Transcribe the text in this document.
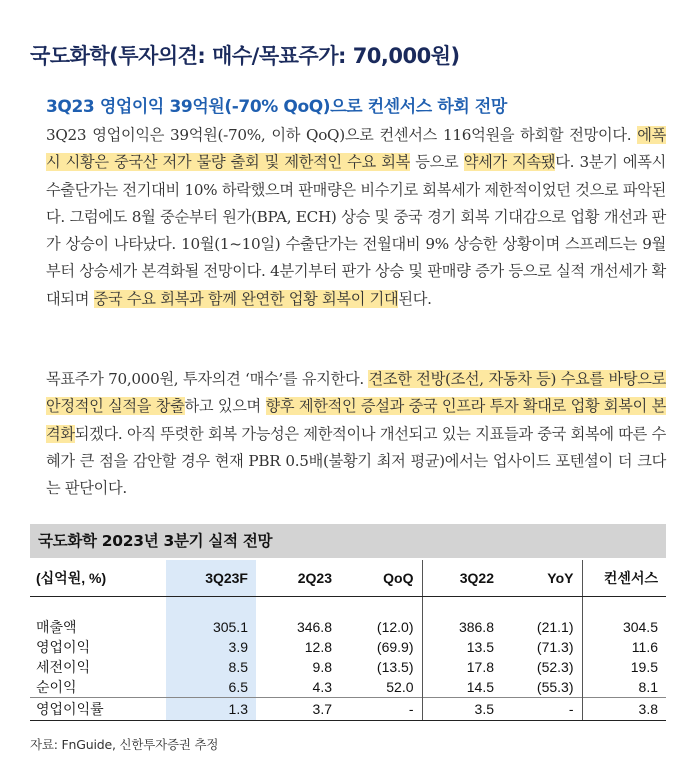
국도화학(투자의견: 매수/목표주가: 70,000원)
3Q23 영업이익 39억원(-70% QoQ)으로 컨센서스 하회 전망

3Q23 영업이익은 39억원(-70%, 이하 QoQ)으로 컨센서스 116억원을 하회할 전망이다. 에폭시 시황은 중국산 저가 물량 출회 및 제한적인 수요 회복 등으로 약세가 지속됐다. 3분기 에폭시 수출단가는 전기대비 10% 하락했으며 판매량은 비수기로 회복세가 제한적이었던 것으로 파악된다. 그럼에도 8월 중순부터 원가(BPA, ECH) 상승 및 중국 경기 회복 기대감으로 업황 개선과 판가 상승이 나타났다. 10월(1~10일) 수출단가는 전월대비 9% 상승한 상황이며 스프레드는 9월부터 상승세가 본격화될 전망이다. 4분기부터 판가 상승 및 판매량 증가 등으로 실적 개선세가 확대되며 중국 수요 회복과 함께 완연한 업황 회복이 기대된다.

목표주가 70,000원, 투자의견 ‘매수’를 유지한다. 견조한 전방(조선, 자동차 등) 수요를 바탕으로 안정적인 실적을 창출하고 있으며 향후 제한적인 증설과 중국 인프라 투자 확대로 업황 회복이 본격화되겠다. 아직 뚜렷한 회복 가능성은 제한적이나 개선되고 있는 지표들과 중국 회복에 따른 수혜가 큰 점을 감안할 경우 현재 PBR 0.5배(불황기 최저 평균)에서는 업사이드 포텐셜이 더 크다는 판단이다.

국도화학 2023년 3분기 실적 전망
(십억원, %)	3Q23F	2Q23	QoQ	3Q22	YoY	컨센서스

매출액	305.1	346.8	(12.0)	386.8	(21.1)	304.5
영업이익	3.9	12.8	(69.9)	13.5	(71.3)	11.6
세전이익	8.5	9.8	(13.5)	17.8	(52.3)	19.5
순이익	6.5	4.3	52.0	14.5	(55.3)	8.1
영업이익률	1.3	3.7	-	3.5	-	3.8
자료: FnGuide, 신한투자증권 추정
